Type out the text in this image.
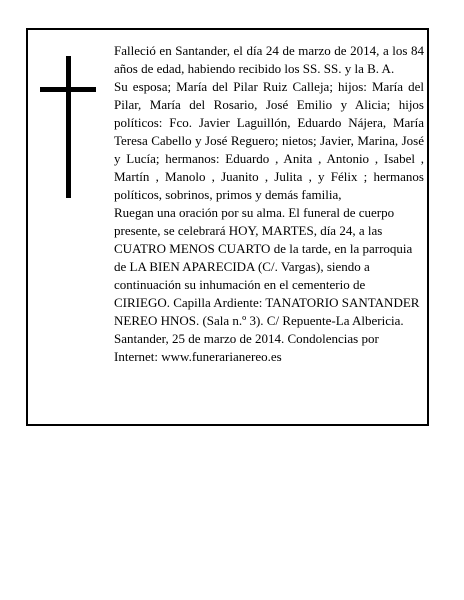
Falleció en Santander, el día 24 de marzo de 2014, a los 84 años de edad, habiendo recibido los SS. SS. y la B. A.

Su esposa; María del Pilar Ruiz Calleja; hijos: María del Pilar, María del Rosario, José Emilio y Alicia; hijos políticos: Fco. Javier Laguillón, Eduardo Nájera, María Teresa Cabello y José Reguero; nietos; Javier, Marina, José y Lucía; hermanos: Eduardo , Anita , Antonio , Isabel , Martín , Manolo , Juanito , Julita , y Félix ; hermanos políticos, sobrinos, primos y demás familia,

Ruegan una oración por su alma. El funeral de cuerpo presente, se celebrará HOY, MARTES, día 24, a las CUATRO MENOS CUARTO de la tarde, en la parroquia de LA BIEN APARECIDA (C/. Vargas), siendo a continuación su inhumación en el cementerio de CIRIEGO. Capilla Ardiente: TANATORIO SANTANDER NEREO HNOS. (Sala n.º 3). C/ Repuente-La Albericia.

Santander, 25 de marzo de 2014. Condolencias por Internet: www.funerarianereo.es
